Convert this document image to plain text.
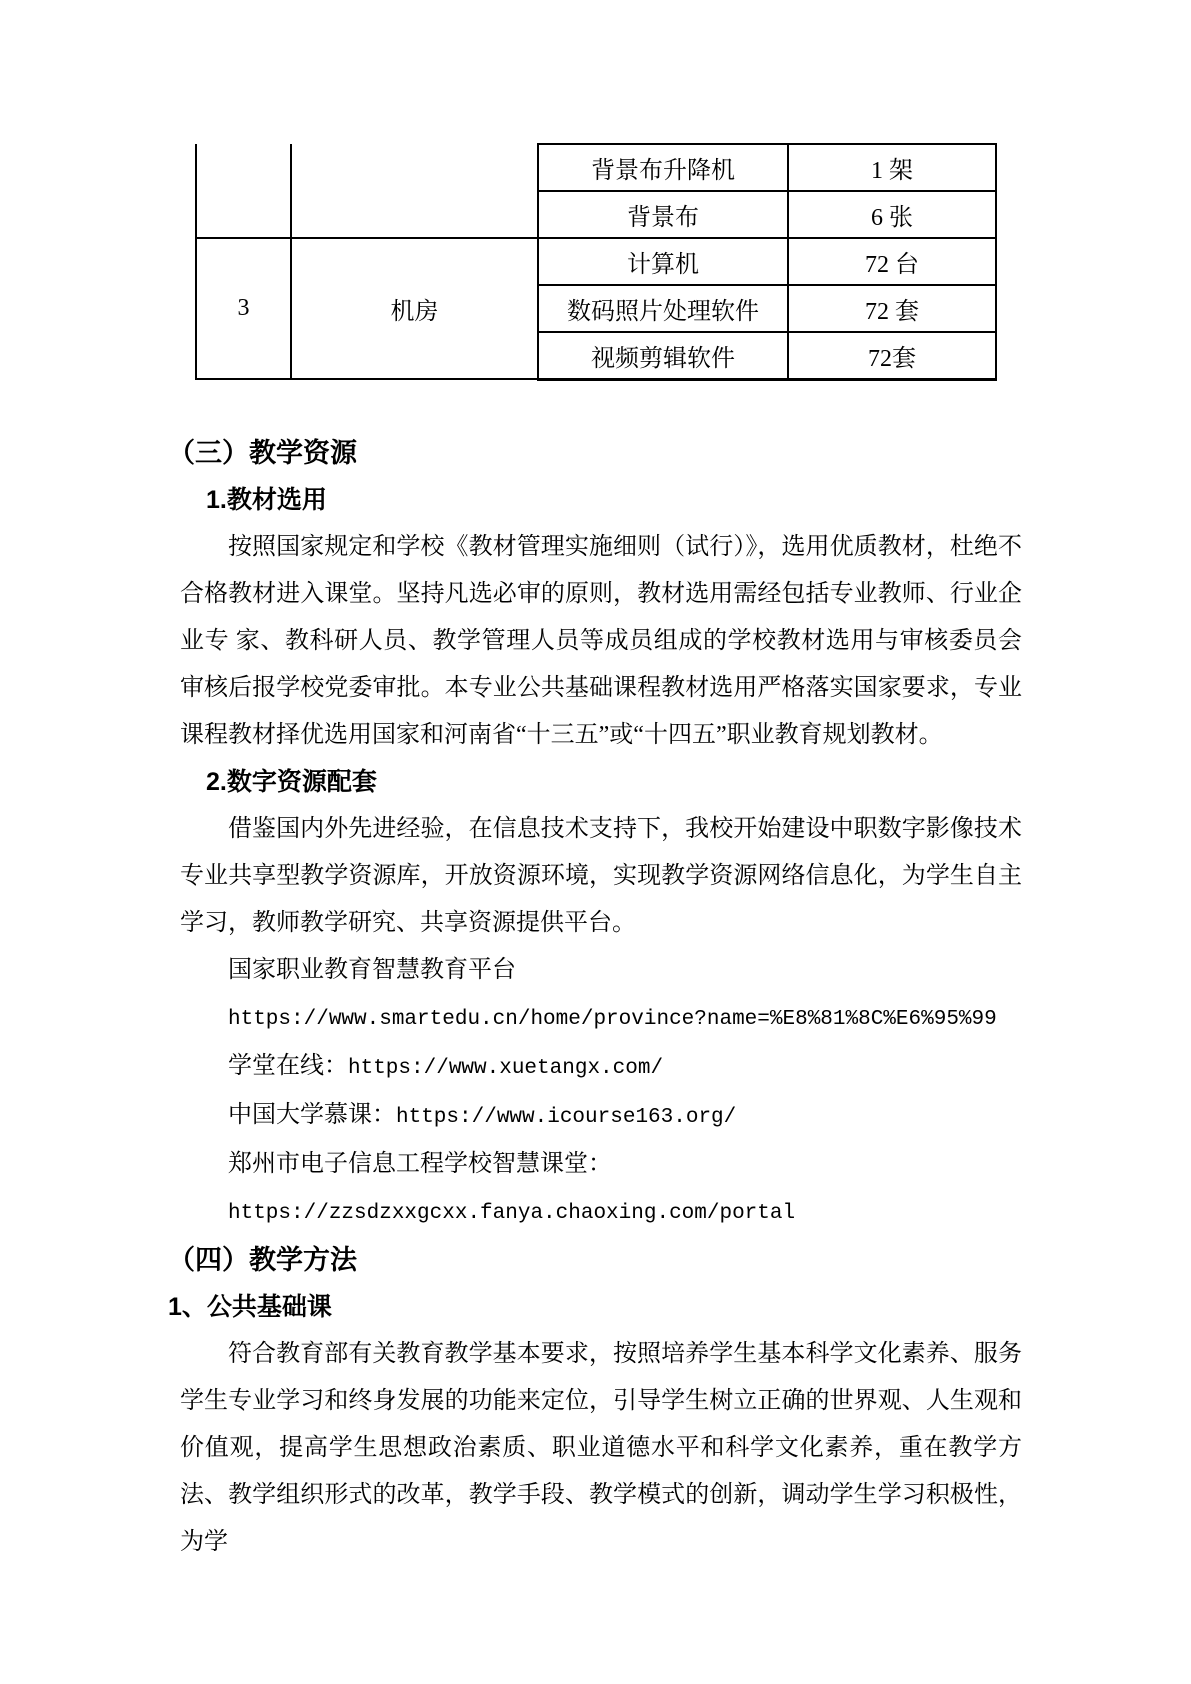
		背景布升降机	1 架
		背景布	6 张
3	机房	计算机	72 台
		数码照片处理软件	72 套
		视频剪辑软件	72套
（三）教学资源
1.教材选用
按照国家规定和学校《教材管理实施细则（试行）》，选用优质教材，杜绝不合格教材进入课堂。坚持凡选必审的原则，教材选用需经包括专业教师、行业企业专 家、教科研人员、教学管理人员等成员组成的学校教材选用与审核委员会审核后报学校党委审批。本专业公共基础课程教材选用严格落实国家要求，专业课程教材择优选用国家和河南省“十三五”或“十四五”职业教育规划教材。
2.数字资源配套
借鉴国内外先进经验，在信息技术支持下，我校开始建设中职数字影像技术专业共享型教学资源库，开放资源环境，实现教学资源网络信息化，为学生自主学习，教师教学研究、共享资源提供平台。
国家职业教育智慧教育平台
https://www.smartedu.cn/home/province?name=%E8%81%8C%E6%95%99
学堂在线：https://www.xuetangx.com/
中国大学慕课：https://www.icourse163.org/
郑州市电子信息工程学校智慧课堂：
https://zzsdzxxgcxx.fanya.chaoxing.com/portal
（四）教学方法
1、公共基础课
符合教育部有关教育教学基本要求，按照培养学生基本科学文化素养、服务学生专业学习和终身发展的功能来定位，引导学生树立正确的世界观、人生观和价值观，提高学生思想政治素质、职业道德水平和科学文化素养，重在教学方法、教学组织形式的改革，教学手段、教学模式的创新，调动学生学习积极性，为学
